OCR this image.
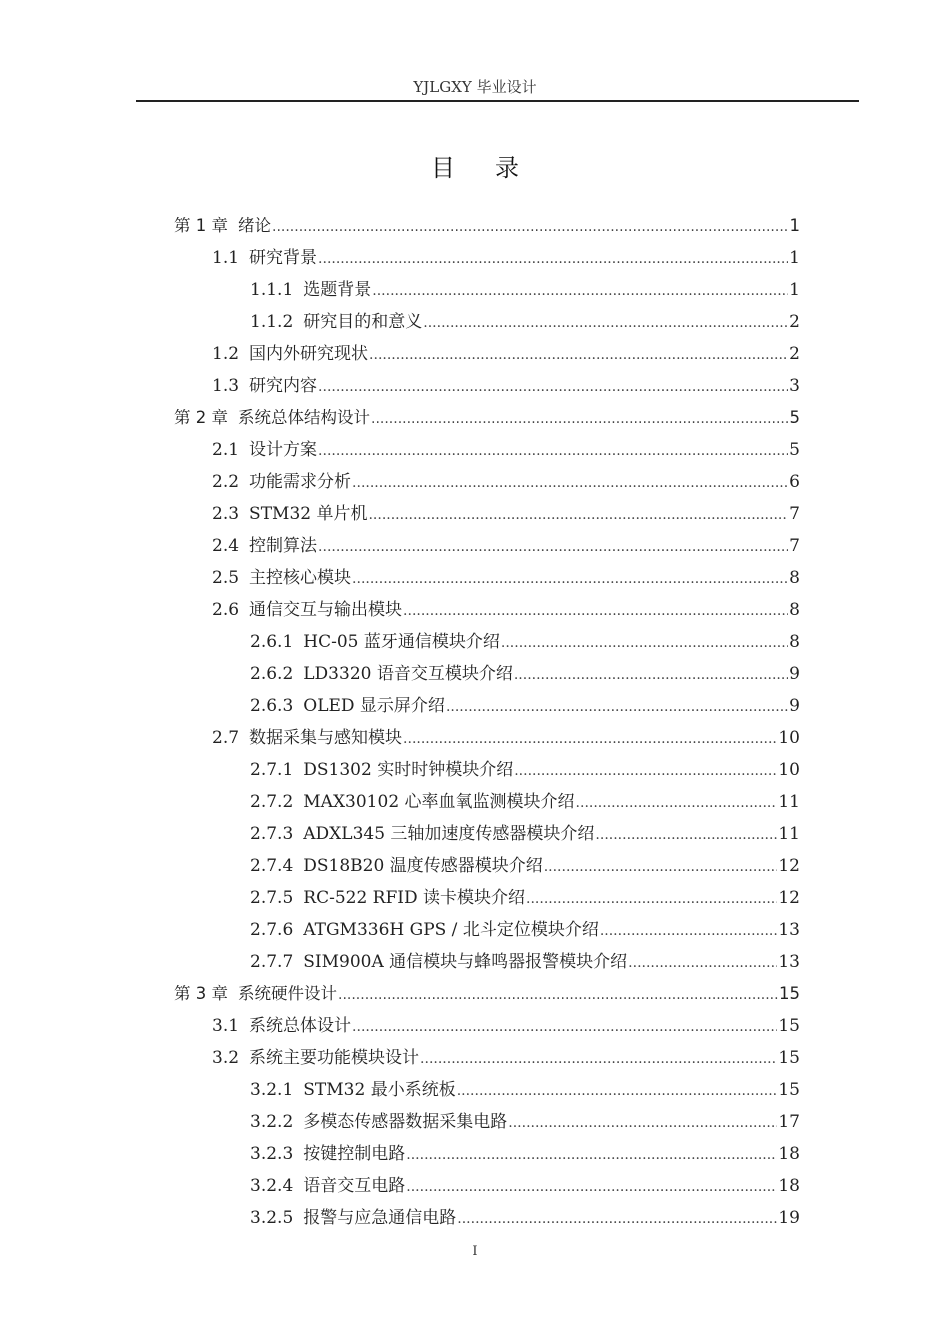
YJLGXY 毕业设计
目录
第 1 章 绪论 .....	1
1.1 研究背景 .....	1
1.1.1 选题背景 .....	1
1.1.2 研究目的和意义 .....	2
1.2 国内外研究现状 .....	2
1.3 研究内容 .....	3
第 2 章 系统总体结构设计 .....	5
2.1 设计方案 .....	5
2.2 功能需求分析 .....	6
2.3 STM32 单片机 .....	7
2.4 控制算法 .....	7
2.5 主控核心模块 .....	8
2.6 通信交互与输出模块 .....	8
2.6.1 HC-05 蓝牙通信模块介绍 .....	8
2.6.2 LD3320 语音交互模块介绍 .....	9
2.6.3 OLED 显示屏介绍 .....	9
2.7 数据采集与感知模块 .....	10
2.7.1 DS1302 实时时钟模块介绍 .....	10
2.7.2 MAX30102 心率血氧监测模块介绍 .....	11
2.7.3 ADXL345 三轴加速度传感器模块介绍 .....	11
2.7.4 DS18B20 温度传感器模块介绍 .....	12
2.7.5 RC-522 RFID 读卡模块介绍 .....	12
2.7.6 ATGM336H GPS / 北斗定位模块介绍 .....	13
2.7.7 SIM900A 通信模块与蜂鸣器报警模块介绍 .....	13
第 3 章 系统硬件设计 .....	15
3.1 系统总体设计 .....	15
3.2 系统主要功能模块设计 .....	15
3.2.1 STM32 最小系统板 .....	15
3.2.2 多模态传感器数据采集电路 .....	17
3.2.3 按键控制电路 .....	18
3.2.4 语音交互电路 .....	18
3.2.5 报警与应急通信电路 .....	19
I
